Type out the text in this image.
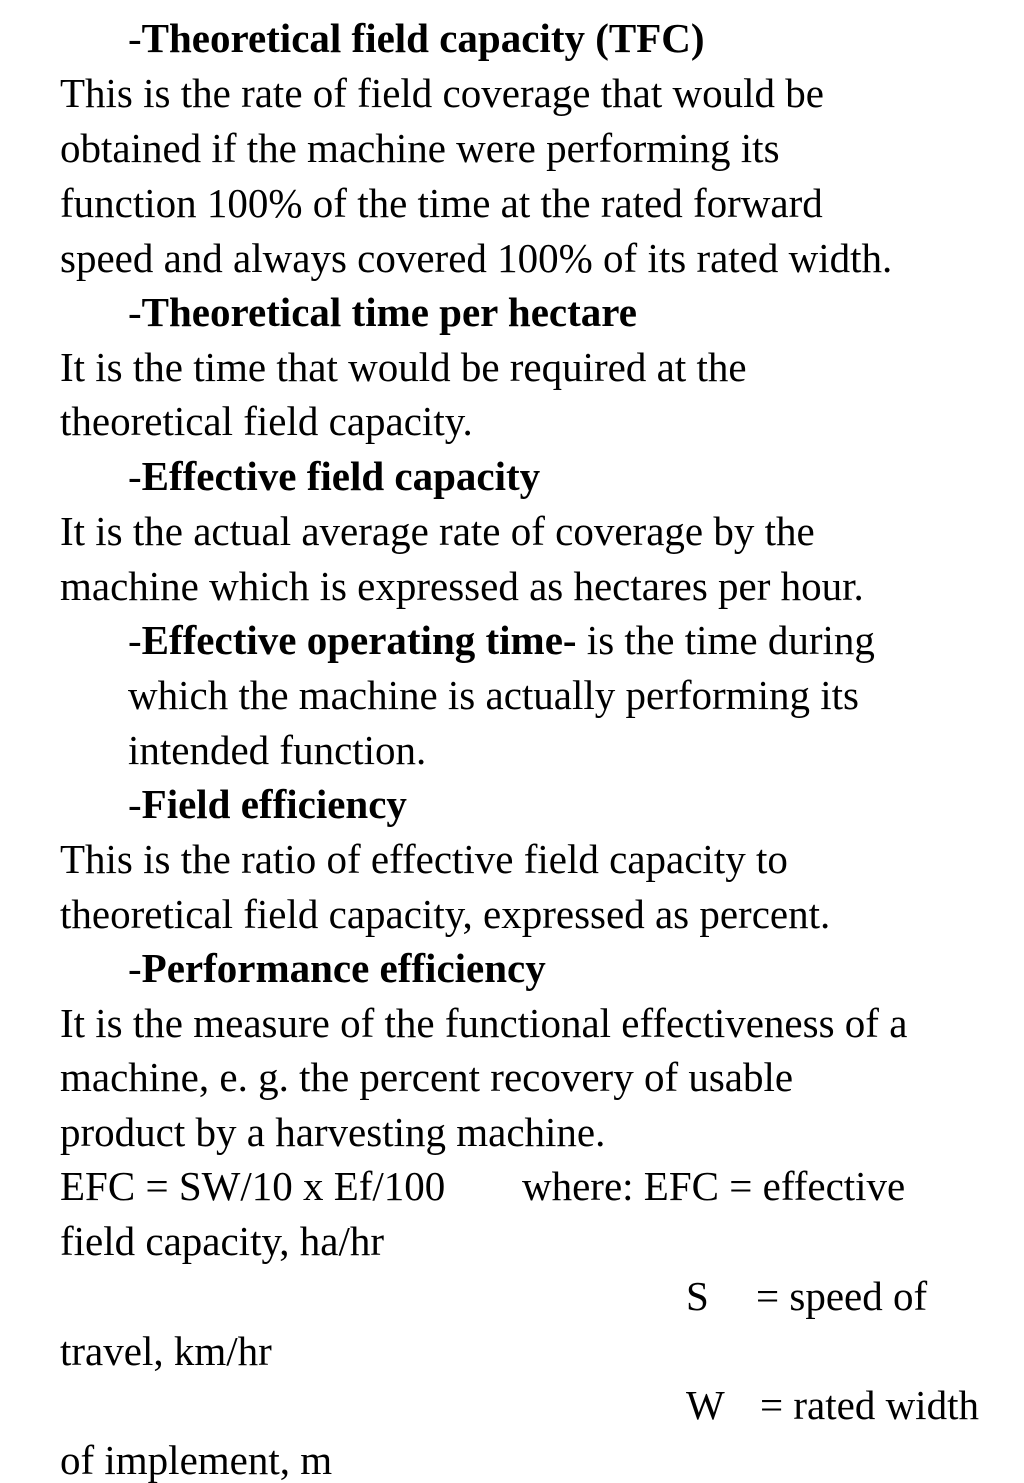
-Theoretical field capacity (TFC)
This is the rate of field coverage that would be
obtained if the machine were performing its
function 100% of the time at the rated forward
speed and always covered 100% of its rated width.
-Theoretical time per hectare
It is the time that would be required at the
theoretical field capacity.
-Effective field capacity
It is the actual average rate of coverage by the
machine which is expressed as hectares per hour.
-Effective operating time- is the time during
which the machine is actually performing its
intended function.
-Field efficiency
This is the ratio of effective field capacity to
theoretical field capacity, expressed as percent.
-Performance efficiency
It is the measure of the functional effectiveness of a
machine, e. g. the percent recovery of usable
product by a harvesting machine.
EFC = SW/10 x Ef/100 where: EFC = effective
field capacity, ha/hr
S = speed of
travel, km/hr
W = rated width
of implement, m
